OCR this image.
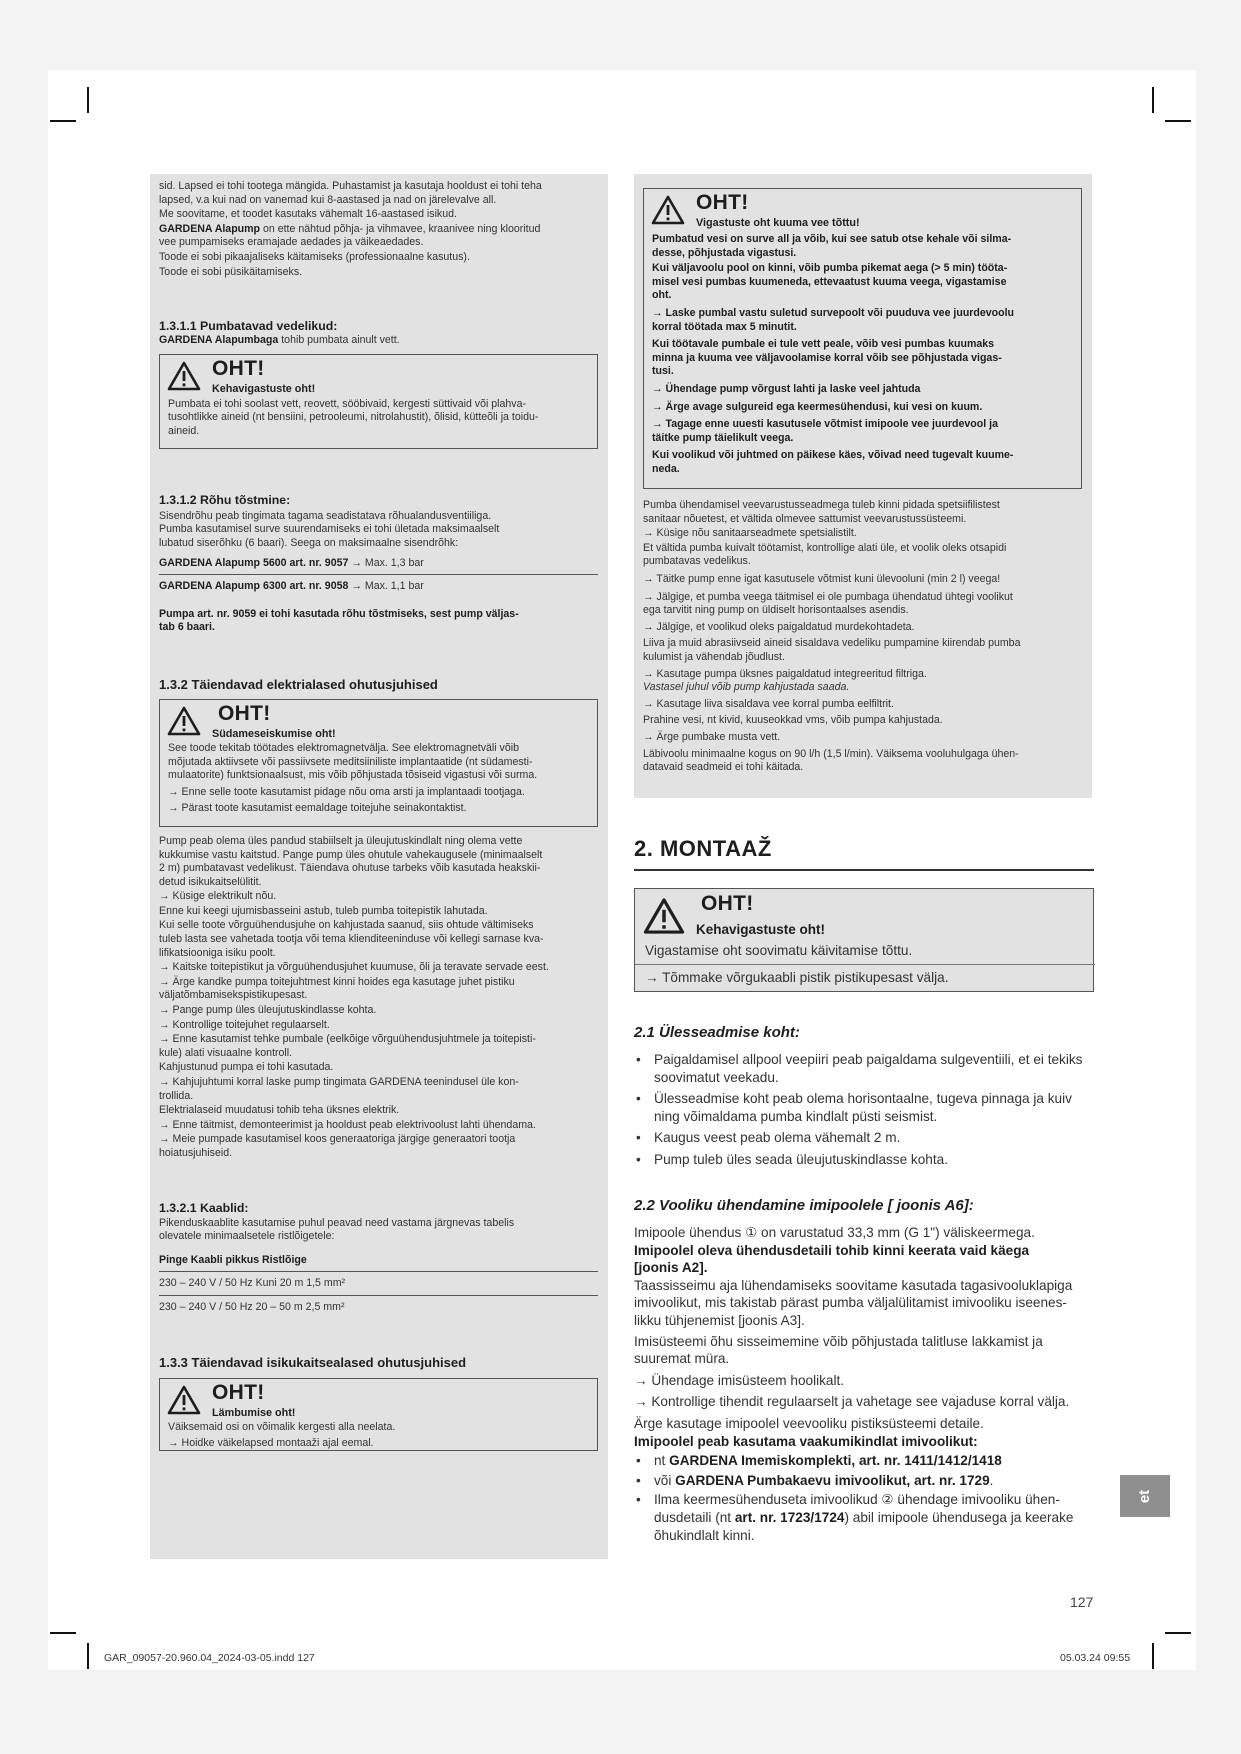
sid. Lapsed ei tohi tootega mängida. Puhastamist ja kasutaja hooldust ei tohi teha

lapsed, v.a kui nad on vanemad kui 8-aastased ja nad on järelevalve all.

Me soovitame, et toodet kasutaks vähemalt 16-aastased isikud.

GARDENA Alapump on ette nähtud põhja- ja vihmavee, kraanivee ning klooritud

vee pumpamiseks eramajade aedades ja väikeaedades.

Toode ei sobi pikaajaliseks käitamiseks (professionaalne kasutus).

Toode ei sobi püsikäitamiseks.

1.3.1.1 Pumbatavad vedelikud:

GARDENA Alapumbaga tohib pumbata ainult vett.

OHT!
Kehavigastuste oht!

Pumbata ei tohi soolast vett, reovett, sööbivaid, kergesti süttivaid või plahva-

tusohtlikke aineid (nt bensiini, petrooleumi, nitrolahustit), õlisid, kütteõli ja toidu-

aineid.

1.3.1.2 Rõhu tõstmine:

Sisendrõhu peab tingimata tagama seadistatava rõhualandusventiiliga.

Pumba kasutamisel surve suurendamiseks ei tohi ületada maksimaalselt

lubatud siserõhku (6 baari). Seega on maksimaalne sisendrõhk:

GARDENA Alapump 5600 art. nr. 9057 → Max. 1,3 bar

GARDENA Alapump 6300 art. nr. 9058 → Max. 1,1 bar

Pumpa art. nr. 9059 ei tohi kasutada rõhu tõstmiseks, sest pump väljas-

tab 6 baari.

1.3.2 Täiendavad elektrialased ohutusjuhised

OHT!
Südameseiskumise oht!

See toode tekitab töötades elektromagnetvälja. See elektromagnetväli võib

mõjutada aktiivsete või passiivsete meditsiiniliste implantaatide (nt südamesti-

mulaatorite) funktsionaalsust, mis võib põhjustada tõsiseid vigastusi või surma.

→ Enne selle toote kasutamist pidage nõu oma arsti ja implantaadi tootjaga.

→ Pärast toote kasutamist eemaldage toitejuhe seinakontaktist.

Pump peab olema üles pandud stabiilselt ja üleujutuskindlalt ning olema vette

kukkumise vastu kaitstud. Pange pump üles ohutule vahekaugusele (minimaalselt

2 m) pumbatavast vedelikust. Täiendava ohutuse tarbeks võib kasutada heakskii-

detud isikukaitselülitit.

→ Küsige elektrikult nõu.

Enne kui keegi ujumisbasseini astub, tuleb pumba toitepistik lahutada.

Kui selle toote võrguühendusjuhe on kahjustada saanud, siis ohtude vältimiseks

tuleb lasta see vahetada tootja või tema klienditeeninduse või kellegi sarnase kva-

lifikatsiooniga isiku poolt.

→ Kaitske toitepistikut ja võrguühendusjuhet kuumuse, õli ja teravate servade eest.

→ Ärge kandke pumpa toitejuhtmest kinni hoides ega kasutage juhet pistiku

väljatõmbamiseks​pistikupesast.

→ Pange pump üles üleujutuskindlasse kohta.

→ Kontrollige toitejuhet regulaarselt.

→ Enne kasutamist tehke pumbale (eelkõige võrguühendusjuhtmele ja toitepisti-

kule) alati visuaalne kontroll.

Kahjustunud pumpa ei tohi kasutada.

→ Kahjujuhtumi korral laske pump tingimata GARDENA teenindusel üle kon-

trollida.

Elektrialaseid muudatusi tohib teha üksnes elektrik.

→ Enne täitmist, demonteerimist ja hooldust peab elektrivoolust lahti ühendama.

→ Meie pumpade kasutamisel koos generaatoriga järgige generaatori tootja

hoiatusjuhiseid.

1.3.2.1 Kaablid:

Pikenduskaablite kasutamise puhul peavad need vastama järgnevas tabelis

olevatele minimaalsetele ristlõigetele:

Pinge Kaabli pikkus Ristlõige

230 – 240 V / 50 Hz Kuni 20 m 1,5 mm²

230 – 240 V / 50 Hz 20 – 50 m 2,5 mm²

1.3.3 Täiendavad isikukaitsealased ohutusjuhised

OHT!
Lämbumise oht!

Väiksemaid osi on võimalik kergesti alla neelata.

→ Hoidke väikelapsed montaaži ajal eemal.

OHT!
Vigastuste oht kuuma vee tõttu!

Pumbatud vesi on surve all ja võib, kui see satub otse kehale või silma-

desse, põhjustada vigastusi.

Kui väljavoolu pool on kinni, võib pumba pikemat aega (> 5 min) tööta-

misel vesi pumbas kuumeneda, ettevaatust kuuma veega, vigastamise

oht.

→ Laske pumbal vastu suletud survepoolt või puuduva vee juurdevoolu

korral töötada max 5 minutit.

Kui töötavale pumbale ei tule vett peale, võib vesi pumbas kuumaks

minna ja kuuma vee väljavoolamise korral võib see põhjustada vigas-

tusi.

→ Ühendage pump võrgust lahti ja laske veel jahtuda

→ Ärge avage sulgureid ega keermesühendusi, kui vesi on kuum.

→ Tagage enne uuesti kasutusele võtmist imipoole vee juurdevool ja

täitke pump täielikult veega.

Kui voolikud või juhtmed on päikese käes, võivad need tugevalt kuume-

neda.

Pumba ühendamisel veevarustusseadmega tuleb kinni pidada spetsiifilistest

sanitaar nõuetest, et vältida olmevee sattumist veevarustussüsteemi.

→ Küsige nõu sanitaarseadmete spetsialistilt.

Et vältida pumba kuivalt töötamist, kontrollige alati üle, et voolik oleks otsapidi

pumbatavas vedelikus.

→ Täitke pump enne igat kasutusele võtmist kuni ülevooluni (min 2 l) veega!

→ Jälgige, et pumba veega täitmisel ei ole pumbaga ühendatud ühtegi voolikut

ega tarvitit ning pump on üldiselt horisontaalses asendis.

→ Jälgige, et voolikud oleks paigaldatud murdekohtadeta.

Liiva ja muid abrasiivseid aineid sisaldava vedeliku pumpamine kiirendab pumba

kulumist ja vähendab jõudlust.

→ Kasutage pumpa üksnes paigaldatud integreeritud filtriga.

Vastasel juhul võib pump kahjustada saada.

→ Kasutage liiva sisaldava vee korral pumba eelfiltrit.

Prahine vesi, nt kivid, kuuseokkad vms, võib pumpa kahjustada.

→ Ärge pumbake musta vett.

Läbivoolu minimaalne kogus on 90 l/h (1,5 l/min). Väiksema vooluhulgaga ühen-

datavaid seadmeid ei tohi käitada.

2. MONTAAŽ
OHT!
Kehavigastuste oht!

Vigastamise oht soovimatu käivitamise tõttu.

→ Tõmmake võrgukaabli pistik pistikupesast välja.

2.1 Ülesseadmise koht:

• Paigaldamisel allpool veepiiri peab paigaldama sulgeventiili, et ei tekiks
soovimatut veekadu.
• Ülesseadmise koht peab olema horisontaalne, tugeva pinnaga ja kuiv
ning võimaldama pumba kindlalt püsti seismist.
• Kaugus veest peab olema vähemalt 2 m.
• Pump tuleb üles seada üleujutuskindlasse kohta.

2.2 Vooliku ühendamine imipoolele [ joonis A6]:

Imipoole ühendus ① on varustatud 33,3 mm (G 1") väliskeermega.

Imipoolel oleva ühendusdetaili tohib kinni keerata vaid käega

[joonis A2].

Taassisseimu aja lühendamiseks soovitame kasutada tagasivooluklapiga

imivoolikut, mis takistab pärast pumba väljalülitamist imivooliku iseenes-

likku tühjenemist [joonis A3].

Imisüsteemi õhu sisseimemine võib põhjustada talitluse lakkamist ja

suuremat müra.

→ Ühendage imisüsteem hoolikalt.

→ Kontrollige tihendit regulaarselt ja vahetage see vajaduse korral välja.

Ärge kasutage imipoolel veevooliku pistiksüsteemi detaile.

Imipoolel peab kasutama vaakumikindlat imivoolikut:

• nt GARDENA Imemiskomplekti, art. nr. 1411/1412/1418
• või GARDENA Pumbakaevu imivoolikut, art. nr. 1729.
• Ilma keermesühenduseta imivoolikud ② ühendage imivooliku ühen-
dusdetaili (nt art. nr. 1723/1724) abil imipoole ühendusega ja keerake
õhukindlalt kinni.
et
127
GAR_09057-20.960.04_2024-03-05.indd 127	05.03.24 09:55
